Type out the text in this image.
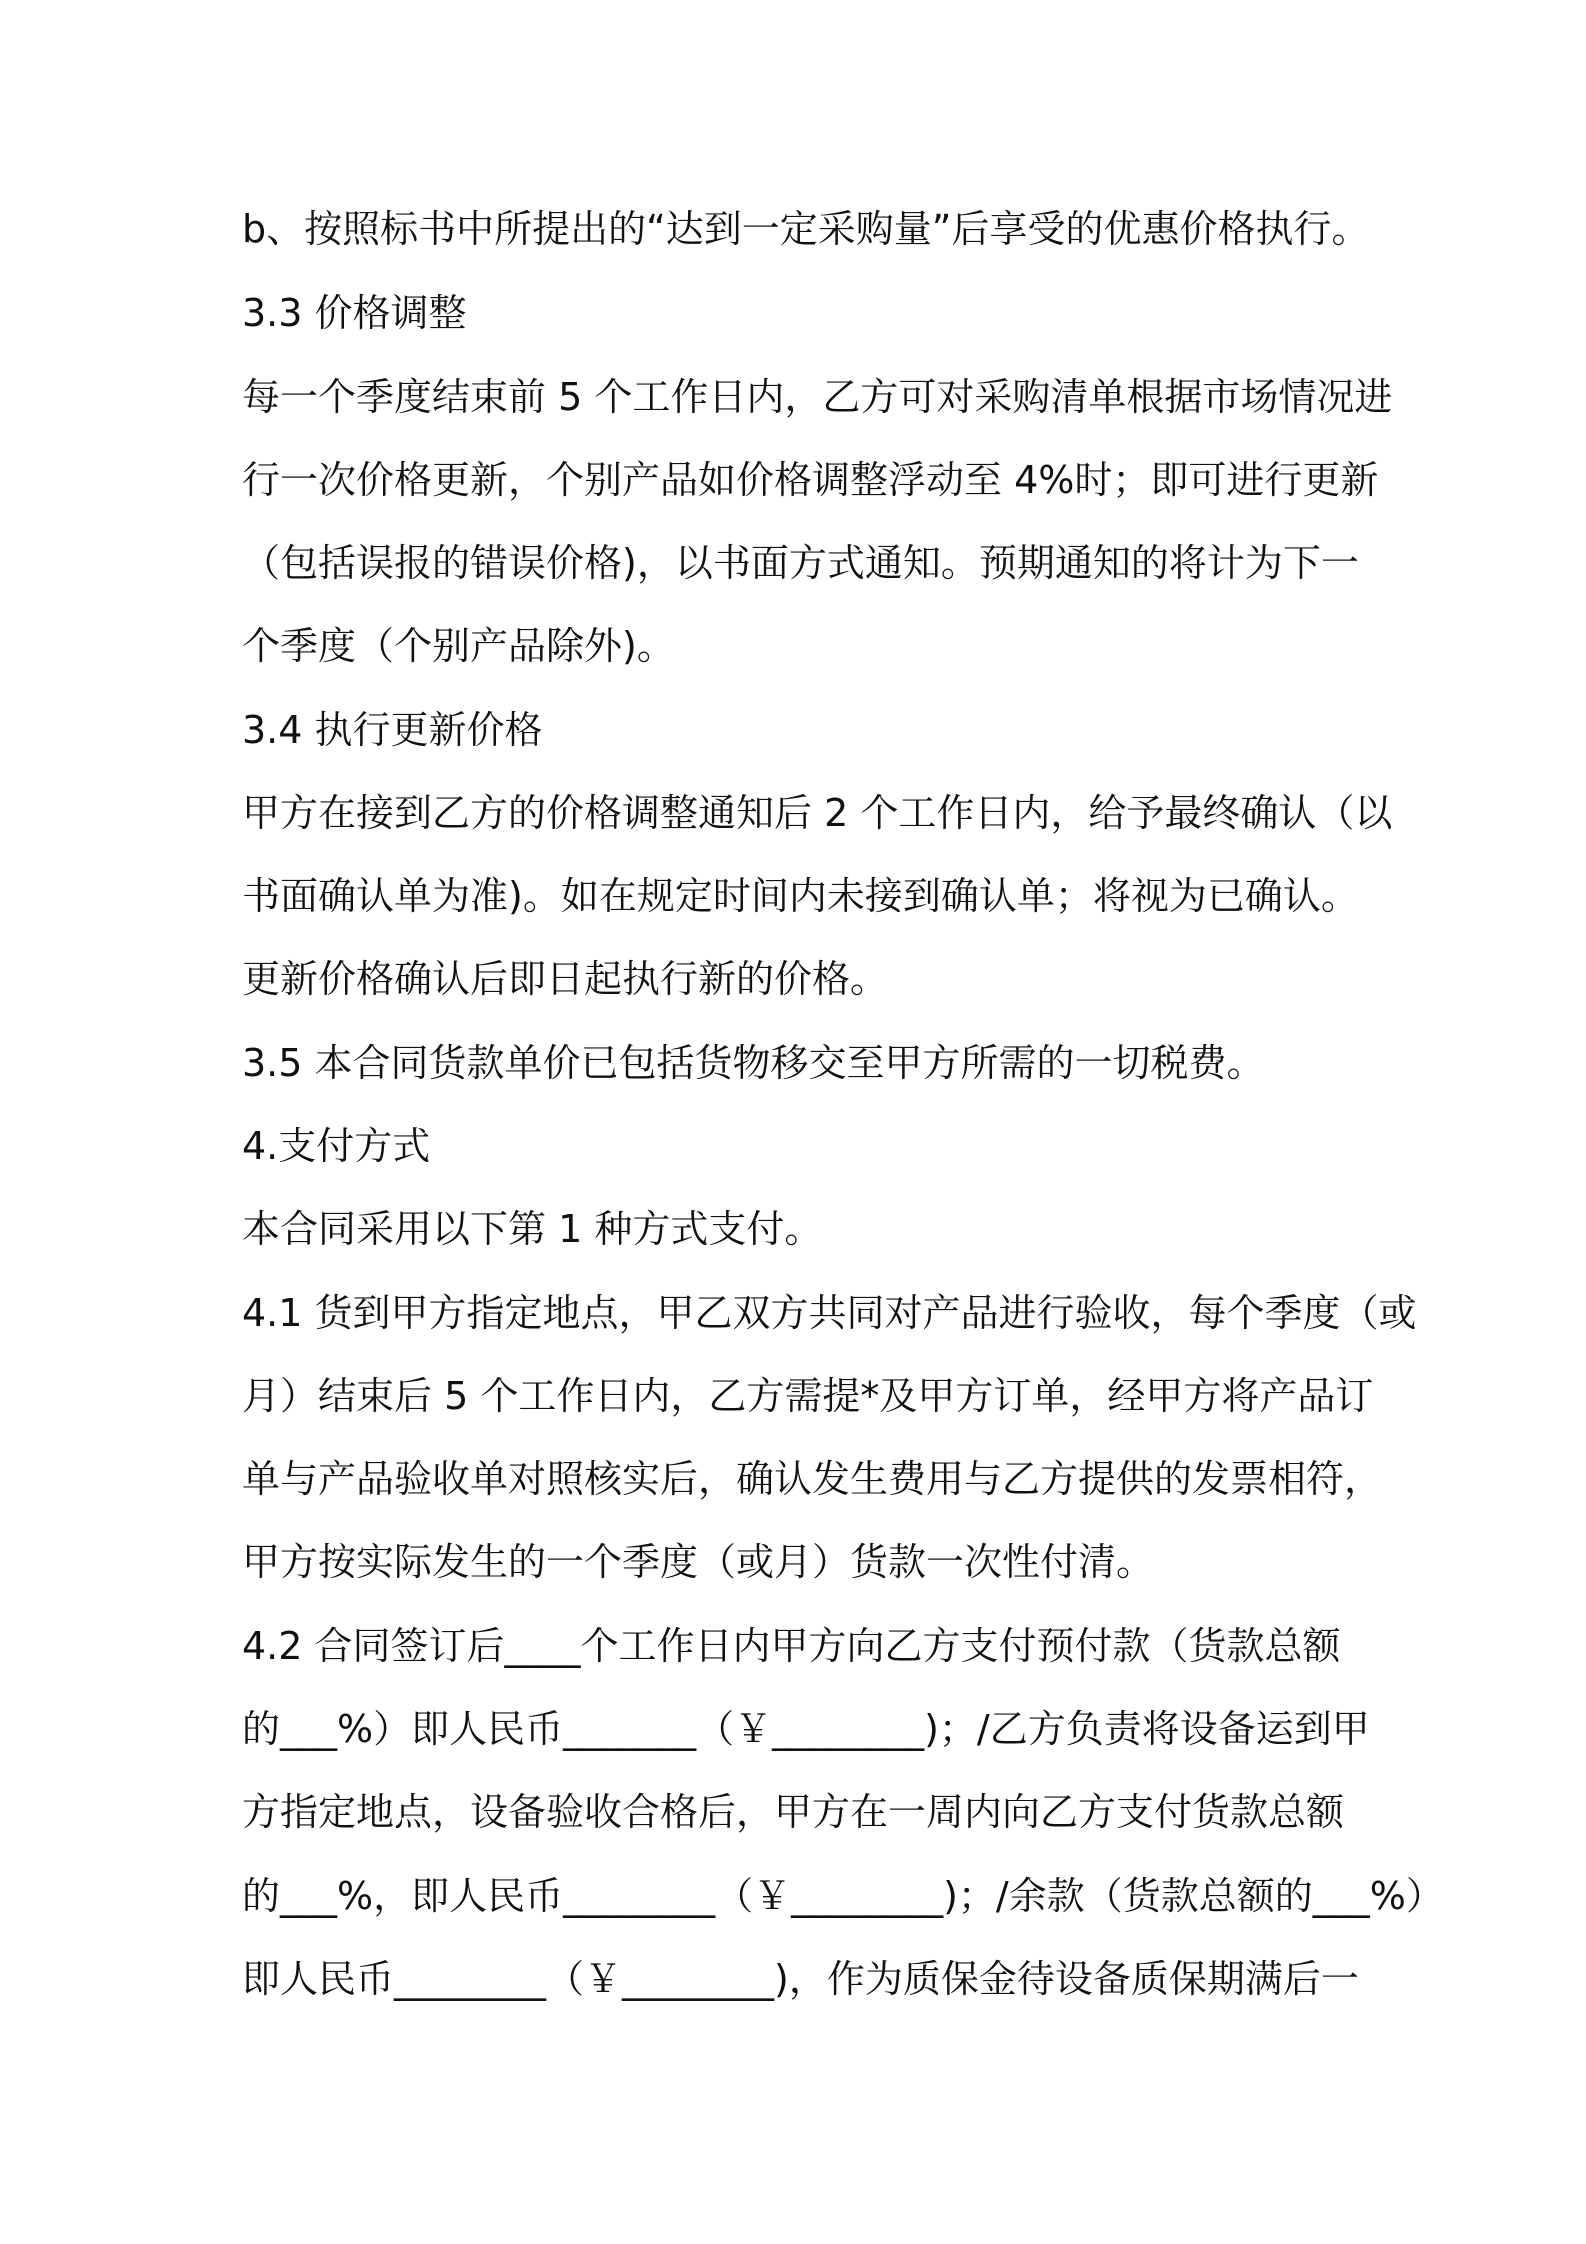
b、按照标书中所提出的“达到一定采购量”后享受的优惠价格执行。
3.3 价格调整
每一个季度结束前 5 个工作日内，乙方可对采购清单根据市场情况进
行一次价格更新，个别产品如价格调整浮动至 4%时；即可进行更新
（包括误报的错误价格)，以书面方式通知。预期通知的将计为下一
个季度（个别产品除外)。
3.4 执行更新价格
甲方在接到乙方的价格调整通知后 2 个工作日内，给予最终确认（以
书面确认单为准)。如在规定时间内未接到确认单；将视为已确认。
更新价格确认后即日起执行新的价格。
3.5 本合同货款单价已包括货物移交至甲方所需的一切税费。
4.支付方式
本合同采用以下第 1 种方式支付。
4.1 货到甲方指定地点，甲乙双方共同对产品进行验收，每个季度（或
月）结束后 5 个工作日内，乙方需提*及甲方订单，经甲方将产品订
单与产品验收单对照核实后，确认发生费用与乙方提供的发票相符，
甲方按实际发生的一个季度（或月）货款一次性付清。
4.2 合同签订后____个工作日内甲方向乙方支付预付款（货款总额
的___%）即人民币_______（￥________)；/乙方负责将设备运到甲
方指定地点，设备验收合格后，甲方在一周内向乙方支付货款总额
的___%，即人民币________（￥________)；/余款（货款总额的___%）
即人民币________（￥________)，作为质保金待设备质保期满后一
